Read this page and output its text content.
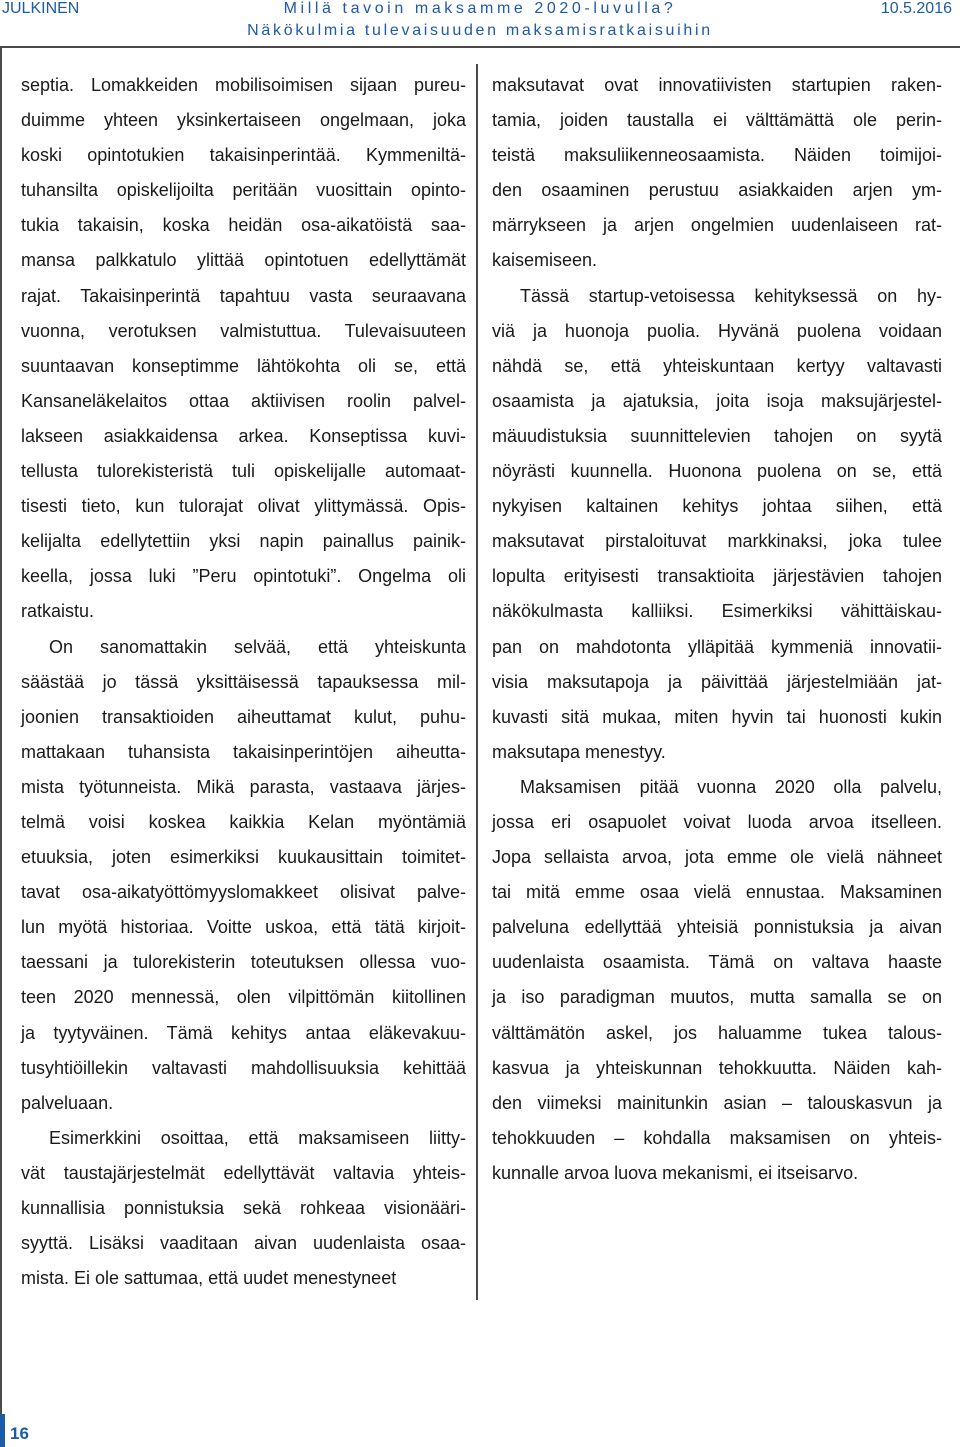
JULKINEN	Millä tavoin maksamme 2020-luvulla?
Näkökulmia tulevaisuuden maksamisratkaisuihin
10.5.2016
septia. Lomakkeiden mobilisoimisen sijaan pureu-
duimme yhteen yksinkertaiseen ongelmaan, joka
koski opintotukien takaisinperintää. Kymmeniltä-
tuhansilta opiskelijoilta peritään vuosittain opinto-
tukia takaisin, koska heidän osa-aikatöistä saa-
mansa palkkatulo ylittää opintotuen edellyttämät
rajat. Takaisinperintä tapahtuu vasta seuraavana
vuonna, verotuksen valmistuttua. Tulevaisuuteen
suuntaavan konseptimme lähtökohta oli se, että
Kansaneläkelaitos ottaa aktiivisen roolin palvel-
lakseen asiakkaidensa arkea. Konseptissa kuvi-
tellusta tulorekisteristä tuli opiskelijalle automaat-
tisesti tieto, kun tulorajat olivat ylittymässä. Opis-
kelijalta edellytettiin yksi napin painallus painik-
keella, jossa luki ”Peru opintotuki”. Ongelma oli
ratkaistu.
On sanomattakin selvää, että yhteiskunta
säästää jo tässä yksittäisessä tapauksessa mil-
joonien transaktioiden aiheuttamat kulut, puhu-
mattakaan tuhansista takaisinperintöjen aiheutta-
mista työtunneista. Mikä parasta, vastaava järjes-
telmä voisi koskea kaikkia Kelan myöntämiä
etuuksia, joten esimerkiksi kuukausittain toimitet-
tavat osa-aikatyöttömyyslomakkeet olisivat palve-
lun myötä historiaa. Voitte uskoa, että tätä kirjoit-
taessani ja tulorekisterin toteutuksen ollessa vuo-
teen 2020 mennessä, olen vilpittömän kiitollinen
ja tyytyväinen. Tämä kehitys antaa eläkevakuu-
tusyhtiöillekin valtavasti mahdollisuuksia kehittää
palveluaan.
Esimerkkini osoittaa, että maksamiseen liitty-
vät taustajärjestelmät edellyttävät valtavia yhteis-
kunnallisia ponnistuksia sekä rohkeaa visionääri-
syyttä. Lisäksi vaaditaan aivan uudenlaista osaa-
mista. Ei ole sattumaa, että uudet menestyneet
maksutavat ovat innovatiivisten startupien raken-
tamia, joiden taustalla ei välttämättä ole perin-
teistä maksuliikenneosaamista. Näiden toimijoi-
den osaaminen perustuu asiakkaiden arjen ym-
märrykseen ja arjen ongelmien uudenlaiseen rat-
kaisemiseen.
Tässä startup-vetoisessa kehityksessä on hy-
viä ja huonoja puolia. Hyvänä puolena voidaan
nähdä se, että yhteiskuntaan kertyy valtavasti
osaamista ja ajatuksia, joita isoja maksujärjestel-
mäuudistuksia suunnittelevien tahojen on syytä
nöyrästi kuunnella. Huonona puolena on se, että
nykyisen kaltainen kehitys johtaa siihen, että
maksutavat pirstaloituvat markkinaksi, joka tulee
lopulta erityisesti transaktioita järjestävien tahojen
näkökulmasta kalliiksi. Esimerkiksi vähittäiskau-
pan on mahdotonta ylläpitää kymmeniä innovatii-
visia maksutapoja ja päivittää järjestelmiään jat-
kuvasti sitä mukaa, miten hyvin tai huonosti kukin
maksutapa menestyy.
Maksamisen pitää vuonna 2020 olla palvelu,
jossa eri osapuolet voivat luoda arvoa itselleen.
Jopa sellaista arvoa, jota emme ole vielä nähneet
tai mitä emme osaa vielä ennustaa. Maksaminen
palveluna edellyttää yhteisiä ponnistuksia ja aivan
uudenlaista osaamista. Tämä on valtava haaste
ja iso paradigman muutos, mutta samalla se on
välttämätön askel, jos haluamme tukea talous-
kasvua ja yhteiskunnan tehokkuutta. Näiden kah-
den viimeksi mainitunkin asian – talouskasvun ja
tehokkuuden – kohdalla maksamisen on yhteis-
kunnalle arvoa luova mekanismi, ei itseisarvo.
16
